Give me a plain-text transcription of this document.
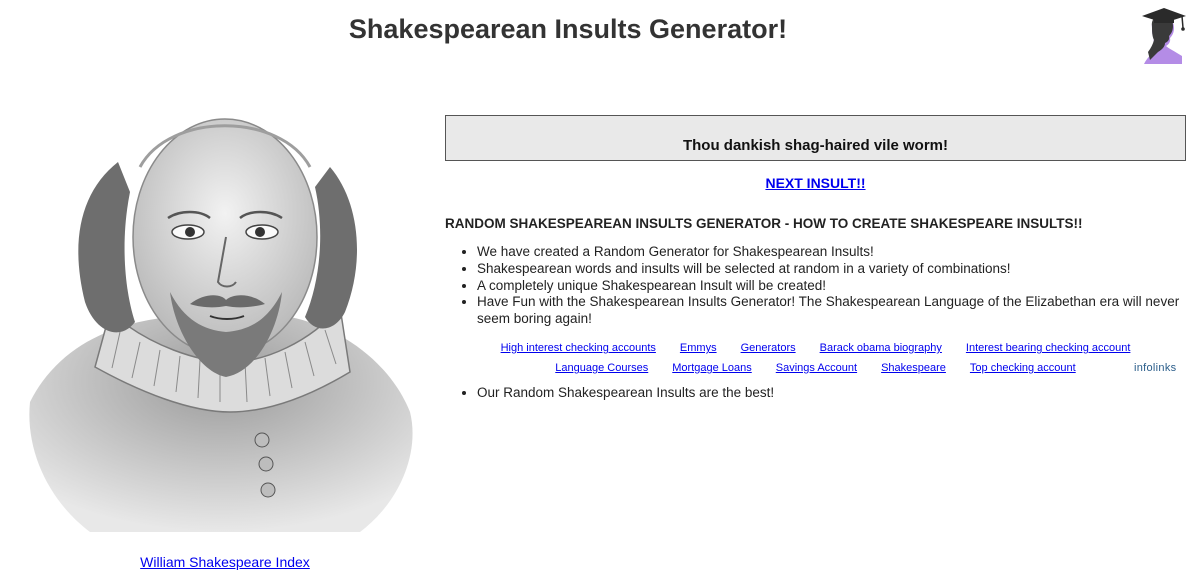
Shakespearean Insults Generator!
William Shakespeare Index
Thou dankish shag-haired vile worm!
NEXT INSULT!!
RANDOM SHAKESPEAREAN INSULTS GENERATOR - HOW TO CREATE SHAKESPEARE INSULTS!!
• We have created a Random Generator for Shakespearean Insults!
• Shakespearean words and insults will be selected at random in a variety of combinations!
• A completely unique Shakespearean Insult will be created!
• Have Fun with the Shakespearean Insults Generator! The Shakespearean Language of the Elizabethan era will never seem boring again!
High interest checking accounts Emmys Generators Barack obama biography Interest bearing checking account
Language Courses Mortgage Loans Savings Account Shakespeare Top checking account	infolinks
• Our Random Shakespearean Insults are the best!
